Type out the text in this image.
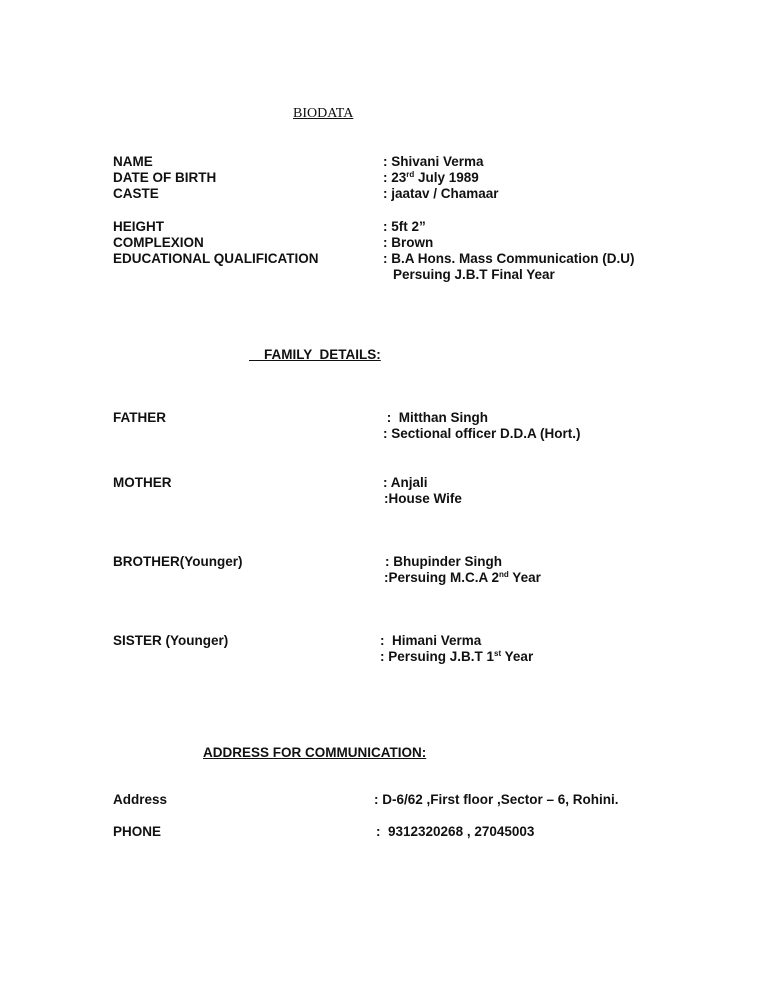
BIODATA
NAME	: Shivani Verma
DATE OF BIRTH	: 23rd July 1989
CASTE	: jaatav / Chamaar
HEIGHT	: 5ft 2”
COMPLEXION	: Brown
EDUCATIONAL QUALIFICATION	: B.A Hons. Mass Communication (D.U)
Persuing J.B.T Final Year
FAMILY  DETAILS:
FATHER	:  Mitthan Singh
: Sectional officer D.D.A (Hort.)
MOTHER	: Anjali
:House Wife
BROTHER(Younger)	: Bhupinder Singh
:Persuing M.C.A 2nd Year
SISTER (Younger)	:  Himani Verma
: Persuing J.B.T 1st Year
ADDRESS FOR COMMUNICATION:
Address	: D-6/62 ,First floor ,Sector – 6, Rohini.
PHONE	:  9312320268 , 27045003
